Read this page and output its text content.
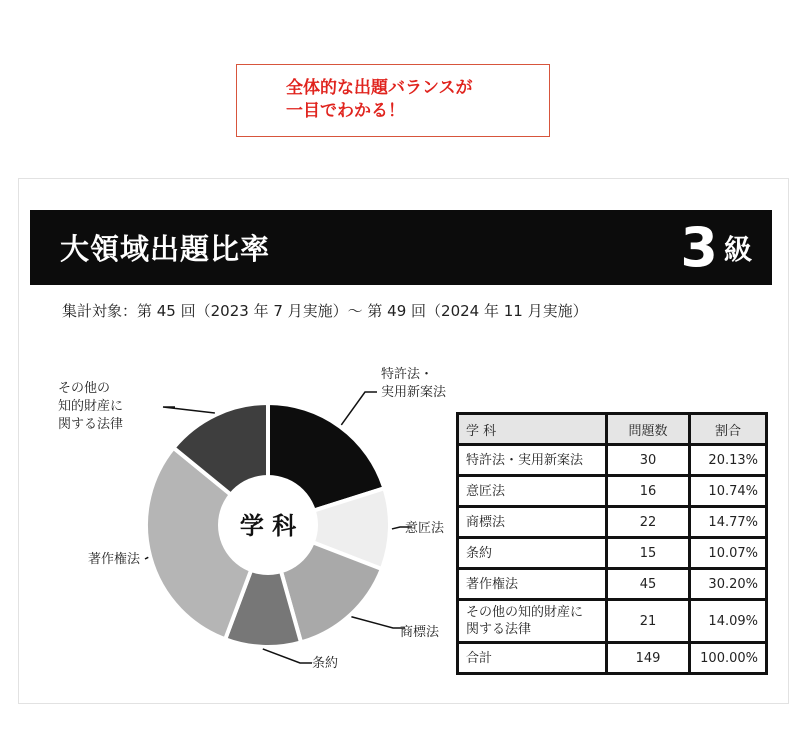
全体的な出題バランスが
一目でわかる！
大領域出題比率	3 級
集計対象：第 45 回（2023 年 7 月実施）～ 第 49 回（2024 年 11 月実施）
特許法・実用新案法
意匠法
商標法
条約
著作権法
その他の知的財産に関する法律
学 科
学 科	問題数	割合
特許法・実用新案法	30	20.13%
意匠法	16	10.74%
商標法	22	14.77%
条約	15	10.07%
著作権法	45	30.20%
その他の知的財産に
関する法律	21	14.09%
合計	149	100.00%
